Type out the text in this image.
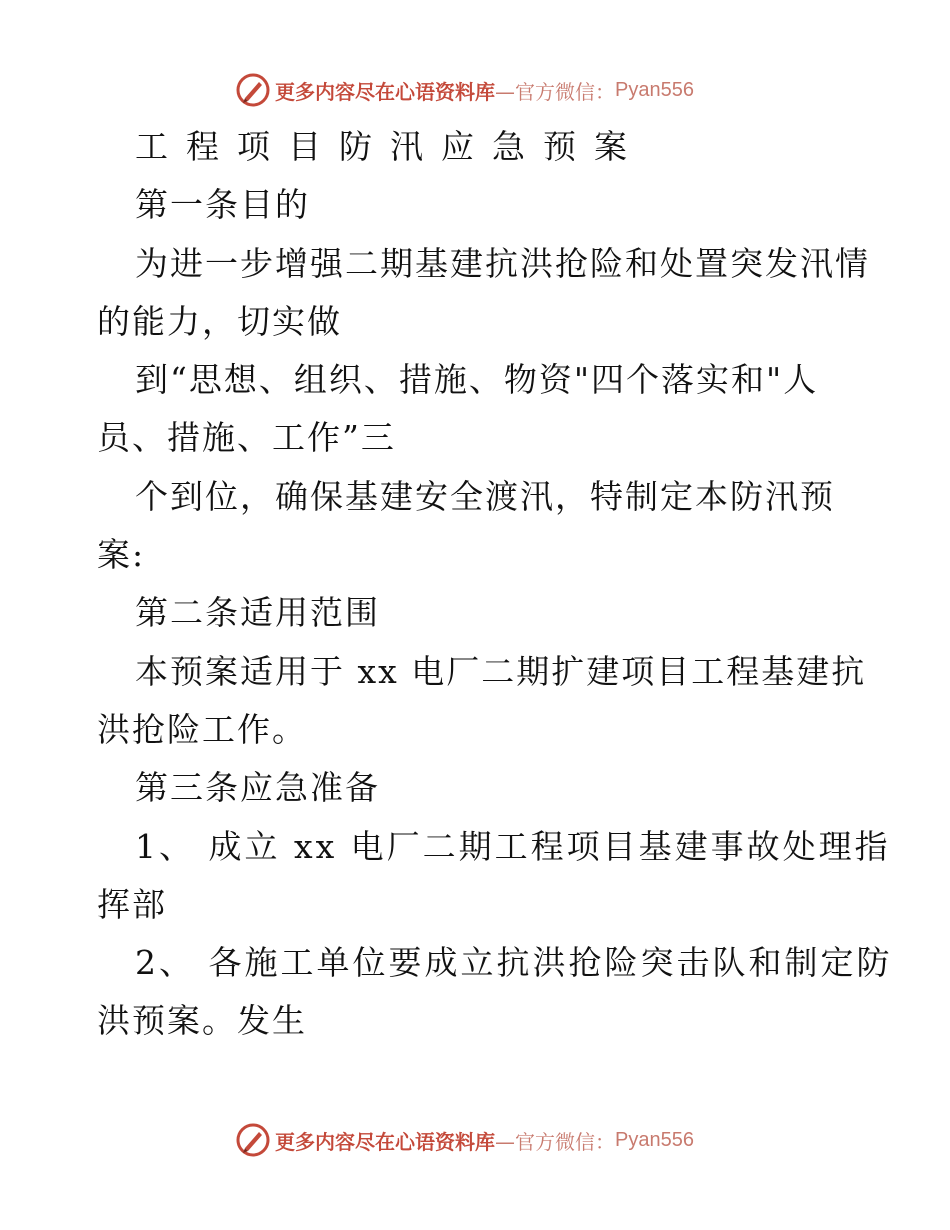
更多内容尽在心语资料库 —官方微信： Pyan556
工程项目防汛应急预案
第一条目的
为进一步增强二期基建抗洪抢险和处置突发汛情
的能力，切实做
到“思想、组织、措施、物资"四个落实和"人
员、措施、工作”三
个到位，确保基建安全渡汛，特制定本防汛预
案:
第二条适用范围
本预案适用于 xx 电厂二期扩建项目工程基建抗
洪抢险工作。
第三条应急准备
1、 成立 xx 电厂二期工程项目基建事故处理指
挥部
2、 各施工单位要成立抗洪抢险突击队和制定防
洪预案。发生
更多内容尽在心语资料库 —官方微信： Pyan556
